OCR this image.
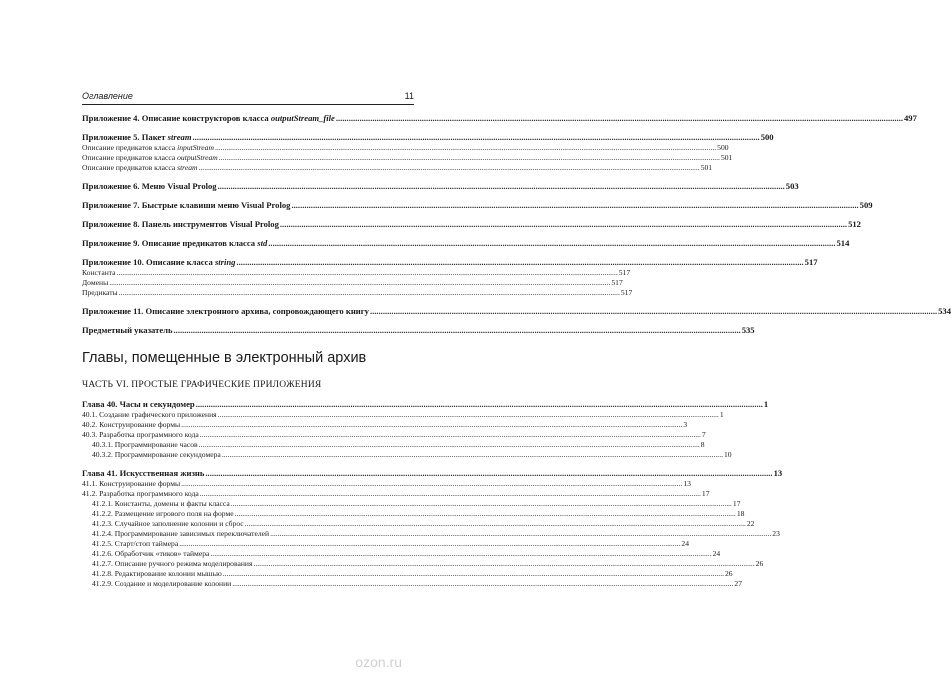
Оглавление	11
Приложение 4. Описание конструкторов класса outputStream_file .....	497
Приложение 5. Пакет stream .....	500
Описание предикатов класса inputStream .....	500
Описание предикатов класса outputStream .....	501
Описание предикатов класса stream .....	501
Приложение 6. Меню Visual Prolog .....	503
Приложение 7. Быстрые клавиши меню Visual Prolog .....	509
Приложение 8. Панель инструментов Visual Prolog .....	512
Приложение 9. Описание предикатов класса std .....	514
Приложение 10. Описание класса string .....	517
Константа .....	517
Домены .....	517
Предикаты .....	517
Приложение 11. Описание электронного архива, сопровождающего книгу .....	534
Предметный указатель .....	535
Главы, помещенные в электронный архив
ЧАСТЬ VI. ПРОСТЫЕ ГРАФИЧЕСКИЕ ПРИЛОЖЕНИЯ
Глава 40. Часы и секундомер .....	1
40.1. Создание графического приложения .....	1
40.2. Конструирование формы .....	3
40.3. Разработка программного кода .....	7
40.3.1. Программирование часов .....	8
40.3.2. Программирование секундомера .....	10
Глава 41. Искусственная жизнь .....	13
41.1. Конструирование формы .....	13
41.2. Разработка программного кода .....	17
41.2.1. Константы, домены и факты класса .....	17
41.2.2. Размещение игрового поля на форме .....	18
41.2.3. Случайное заполнение колонии и сброс .....	22
41.2.4. Программирование зависимых переключателей .....	23
41.2.5. Старт/стоп таймера .....	24
41.2.6. Обработчик «тиков» таймера .....	24
41.2.7. Описание ручного режима моделирования .....	26
41.2.8. Редактирование колонии мышью .....	26
41.2.9. Создание и моделирование колонии .....	27
ozon.ru
